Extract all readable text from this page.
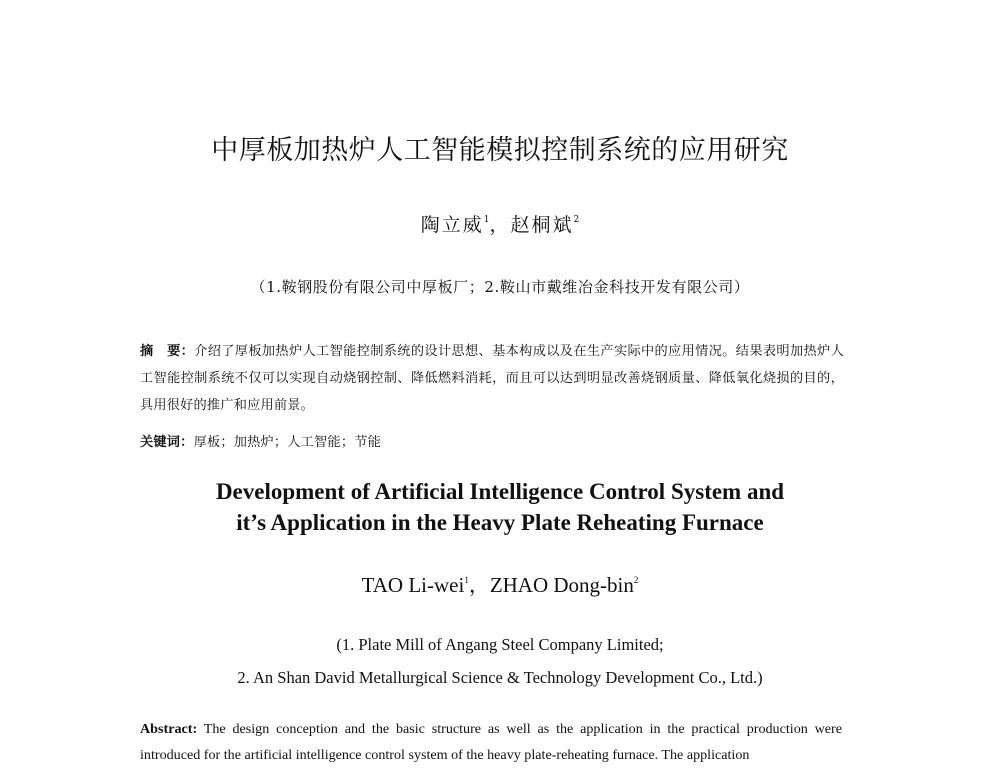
中厚板加热炉人工智能模拟控制系统的应用研究
陶立威$^1$，赵桐斌$^2$
（1.鞍钢股份有限公司中厚板厂；2.鞍山市戴维冶金科技开发有限公司）
摘　要：介绍了厚板加热炉人工智能控制系统的设计思想、基本构成以及在生产实际中的应用情况。结果表明加热炉人工智能控制系统不仅可以实现自动烧钢控制、降低燃料消耗，而且可以达到明显改善烧钢质量、降低氧化烧损的目的，具用很好的推广和应用前景。
关键词：厚板；加热炉；人工智能；节能
Development of Artificial Intelligence Control System and
it’s Application in the Heavy Plate Reheating Furnace
TAO Li-wei$^1$，ZHAO Dong-bin$^2$
(1. Plate Mill of Angang Steel Company Limited;
2. An Shan David Metallurgical Science & Technology Development Co., Ltd.)
Abstract: The design conception and the basic structure as well as the application in the practical production were introduced for the artificial intelligence control system of the heavy plate-reheating furnace. The application
